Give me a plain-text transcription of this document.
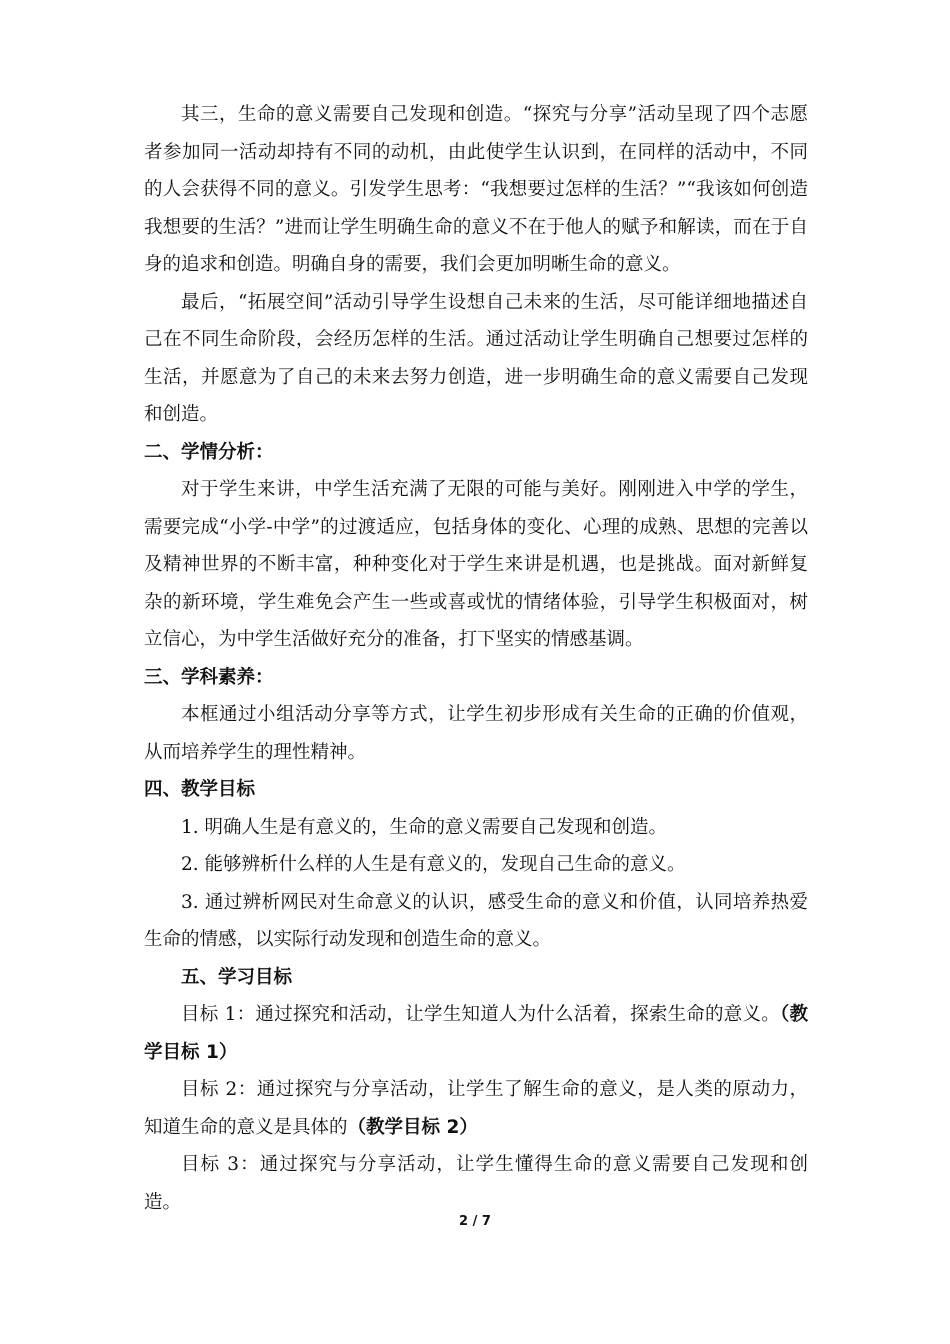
其三，生命的意义需要自己发现和创造。“探究与分享”活动呈现了四个志愿者参加同一活动却持有不同的动机，由此使学生认识到，在同样的活动中，不同的人会获得不同的意义。引发学生思考：“我想要过怎样的生活？”“我该如何创造我想要的生活？”进而让学生明确生命的意义不在于他人的赋予和解读，而在于自身的追求和创造。明确自身的需要，我们会更加明晰生命的意义。

最后，“拓展空间”活动引导学生设想自己未来的生活，尽可能详细地描述自己在不同生命阶段，会经历怎样的生活。通过活动让学生明确自己想要过怎样的生活，并愿意为了自己的未来去努力创造，进一步明确生命的意义需要自己发现和创造。

二、学情分析：

对于学生来讲，中学生活充满了无限的可能与美好。刚刚进入中学的学生，需要完成“小学-中学”的过渡适应，包括身体的变化、心理的成熟、思想的完善以及精神世界的不断丰富，种种变化对于学生来讲是机遇，也是挑战。面对新鲜复杂的新环境，学生难免会产生一些或喜或忧的情绪体验，引导学生积极面对，树立信心，为中学生活做好充分的准备，打下坚实的情感基调。

三、学科素养：

本框通过小组活动分享等方式，让学生初步形成有关生命的正确的价值观，从而培养学生的理性精神。

四、教学目标

1. 明确人生是有意义的，生命的意义需要自己发现和创造。

2. 能够辨析什么样的人生是有意义的，发现自己生命的意义。

3. 通过辨析网民对生命意义的认识，感受生命的意义和价值，认同培养热爱生命的情感，以实际行动发现和创造生命的意义。

五、学习目标

目标 1：通过探究和活动，让学生知道人为什么活着，探索生命的意义。（教学目标 1）

目标 2：通过探究与分享活动，让学生了解生命的意义，是人类的原动力，知道生命的意义是具体的（教学目标 2）

目标 3：通过探究与分享活动，让学生懂得生命的意义需要自己发现和创造。

2 / 7
